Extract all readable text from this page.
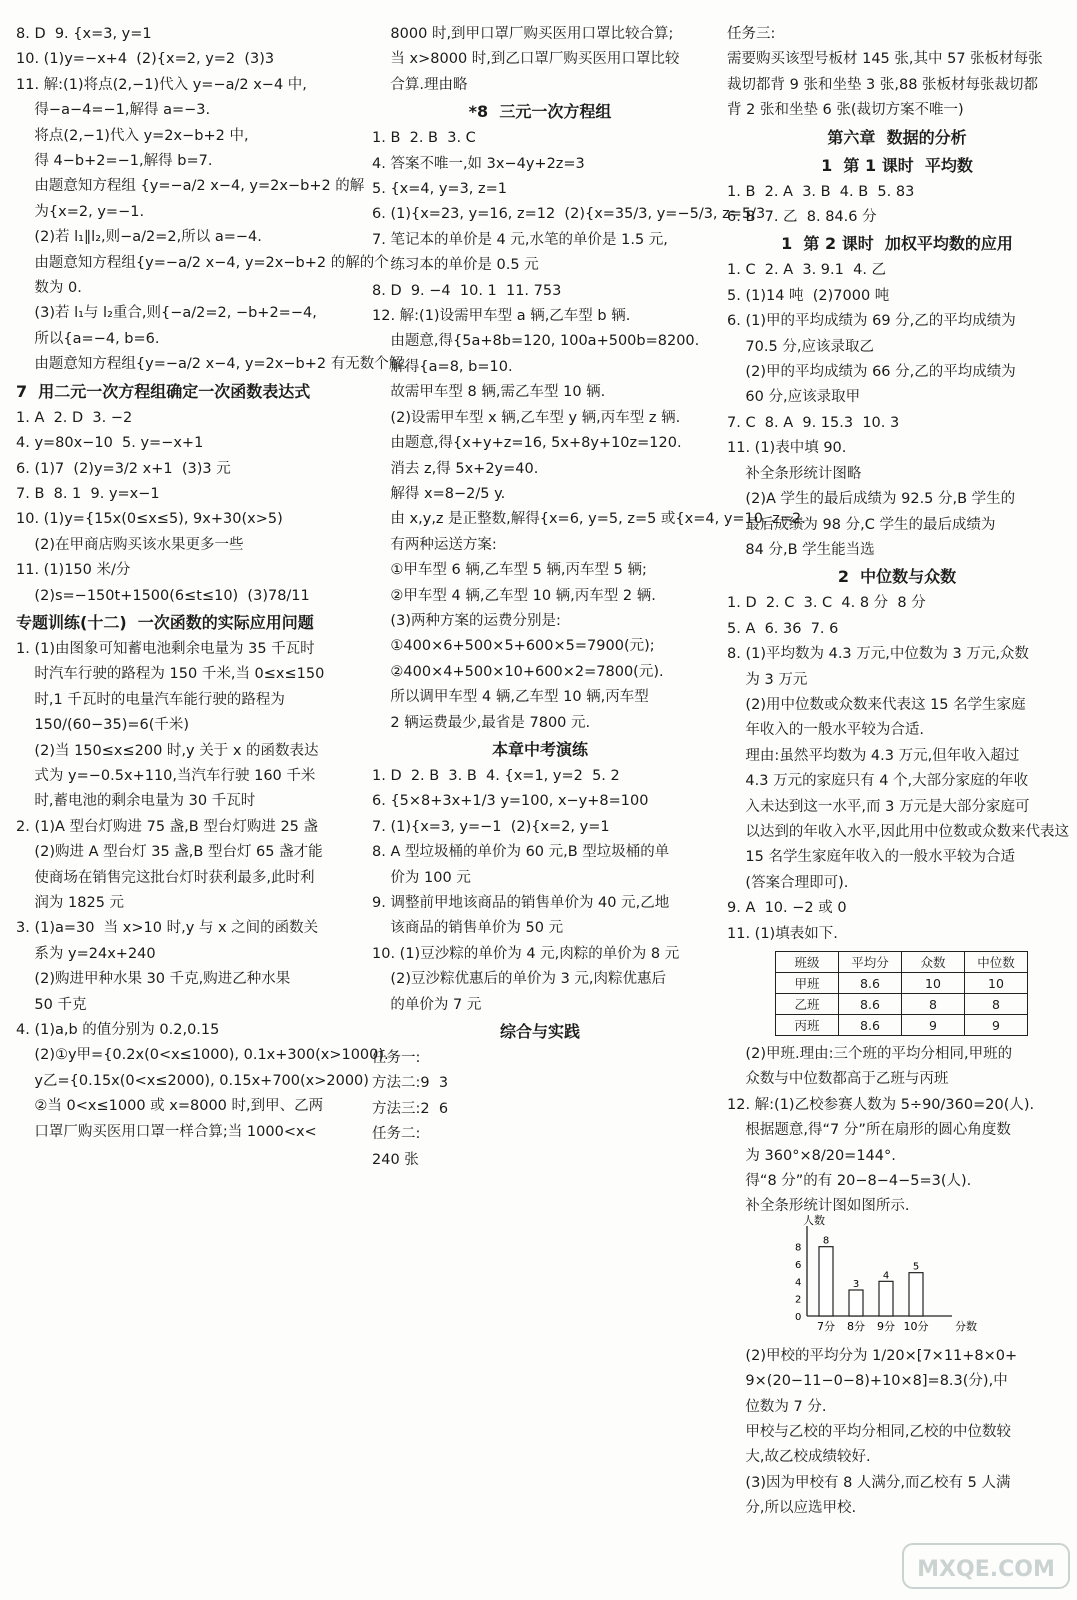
8. D  9. {x=3, y=1
10. (1)y=−x+4  (2){x=2, y=2  (3)3
11. 解:(1)将点(2,−1)代入 y=−a/2 x−4 中,
得−a−4=−1,解得 a=−3.
将点(2,−1)代入 y=2x−b+2 中,
得 4−b+2=−1,解得 b=7.
由题意知方程组 {y=−a/2 x−4, y=2x−b+2 的解
为{x=2, y=−1.
(2)若 l₁∥l₂,则−a/2=2,所以 a=−4.
由题意知方程组{y=−a/2 x−4, y=2x−b+2 的解的个
数为 0.
(3)若 l₁与 l₂重合,则{−a/2=2, −b+2=−4,
所以{a=−4, b=6.
由题意知方程组{y=−a/2 x−4, y=2x−b+2 有无数个解.
7  用二元一次方程组确定一次函数表达式
1. A  2. D  3. −2
4. y=80x−10  5. y=−x+1
6. (1)7  (2)y=3/2 x+1  (3)3 元
7. B  8. 1  9. y=x−1
10. (1)y={15x(0≤x≤5), 9x+30(x>5)
(2)在甲商店购买该水果更多一些
11. (1)150 米/分
(2)s=−150t+1500(6≤t≤10)  (3)78/11
专题训练(十二)  一次函数的实际应用问题
1. (1)由图象可知蓄电池剩余电量为 35 千瓦时
时汽车行驶的路程为 150 千米,当 0≤x≤150
时,1 千瓦时的电量汽车能行驶的路程为
150/(60−35)=6(千米)
(2)当 150≤x≤200 时,y 关于 x 的函数表达
式为 y=−0.5x+110,当汽车行驶 160 千米
时,蓄电池的剩余电量为 30 千瓦时
2. (1)A 型台灯购进 75 盏,B 型台灯购进 25 盏
(2)购进 A 型台灯 35 盏,B 型台灯 65 盏才能
使商场在销售完这批台灯时获利最多,此时利
润为 1825 元
3. (1)a=30  当 x>10 时,y 与 x 之间的函数关
系为 y=24x+240
(2)购进甲种水果 30 千克,购进乙种水果
50 千克
4. (1)a,b 的值分别为 0.2,0.15
(2)①y甲={0.2x(0<x≤1000), 0.1x+300(x>1000).
y乙={0.15x(0<x≤2000), 0.15x+700(x>2000)
②当 0<x≤1000 或 x=8000 时,到甲、乙两
口罩厂购买医用口罩一样合算;当 1000<x<
8000 时,到甲口罩厂购买医用口罩比较合算;
当 x>8000 时,到乙口罩厂购买医用口罩比较
合算.理由略
*8  三元一次方程组
1. B  2. B  3. C
4. 答案不唯一,如 3x−4y+2z=3
5. {x=4, y=3, z=1
6. (1){x=23, y=16, z=12  (2){x=35/3, y=−5/3, z=5/3
7. 笔记本的单价是 4 元,水笔的单价是 1.5 元,
练习本的单价是 0.5 元
8. D  9. −4  10. 1  11. 753
12. 解:(1)设需甲车型 a 辆,乙车型 b 辆.
由题意,得{5a+8b=120, 100a+500b=8200.
解得{a=8, b=10.
故需甲车型 8 辆,需乙车型 10 辆.
(2)设需甲车型 x 辆,乙车型 y 辆,丙车型 z 辆.
由题意,得{x+y+z=16, 5x+8y+10z=120.
消去 z,得 5x+2y=40.
解得 x=8−2/5 y.
由 x,y,z 是正整数,解得{x=6, y=5, z=5 或{x=4, y=10, z=2.
有两种运送方案:
①甲车型 6 辆,乙车型 5 辆,丙车型 5 辆;
②甲车型 4 辆,乙车型 10 辆,丙车型 2 辆.
(3)两种方案的运费分别是:
①400×6+500×5+600×5=7900(元);
②400×4+500×10+600×2=7800(元).
所以调甲车型 4 辆,乙车型 10 辆,丙车型
2 辆运费最少,最省是 7800 元.
本章中考演练
1. D  2. B  3. B  4. {x=1, y=2  5. 2
6. {5×8+3x+1/3 y=100, x−y+8=100
7. (1){x=3, y=−1  (2){x=2, y=1
8. A 型垃圾桶的单价为 60 元,B 型垃圾桶的单
价为 100 元
9. 调整前甲地该商品的销售单价为 40 元,乙地
该商品的销售单价为 50 元
10. (1)豆沙粽的单价为 4 元,肉粽的单价为 8 元
(2)豆沙粽优惠后的单价为 3 元,肉粽优惠后
的单价为 7 元
综合与实践
任务一:
方法二:9  3
方法三:2  6
任务二:
240 张
任务三:
需要购买该型号板材 145 张,其中 57 张板材每张
裁切都背 9 张和坐垫 3 张,88 张板材每张裁切都
背 2 张和坐垫 6 张(裁切方案不唯一)
第六章  数据的分析
1  第 1 课时  平均数
1. B  2. A  3. B  4. B  5. 83
6. B  7. 乙  8. 84.6 分
1  第 2 课时  加权平均数的应用
1. C  2. A  3. 9.1  4. 乙
5. (1)14 吨  (2)7000 吨
6. (1)甲的平均成绩为 69 分,乙的平均成绩为
70.5 分,应该录取乙
(2)甲的平均成绩为 66 分,乙的平均成绩为
60 分,应该录取甲
7. C  8. A  9. 15.3  10. 3
11. (1)表中填 90.
补全条形统计图略
(2)A 学生的最后成绩为 92.5 分,B 学生的
最后成绩为 98 分,C 学生的最后成绩为
84 分,B 学生能当选
2  中位数与众数
1. D  2. C  3. C  4. 8 分  8 分
5. A  6. 36  7. 6
8. (1)平均数为 4.3 万元,中位数为 3 万元,众数
为 3 万元
(2)用中位数或众数来代表这 15 名学生家庭
年收入的一般水平较为合适.
理由:虽然平均数为 4.3 万元,但年收入超过
4.3 万元的家庭只有 4 个,大部分家庭的年收
入未达到这一水平,而 3 万元是大部分家庭可
以达到的年收入水平,因此用中位数或众数来代表这
15 名学生家庭年收入的一般水平较为合适
(答案合理即可).
9. A  10. −2 或 0
11. (1)填表如下.
班级	平均分	众数	中位数
甲班	8.6	10	10
乙班	8.6	8	8
丙班	8.6	9	9
(2)甲班.理由:三个班的平均分相同,甲班的
众数与中位数都高于乙班与丙班
12. 解:(1)乙校参赛人数为 5÷90/360=20(人).
根据题意,得“7 分”所在扇形的圆心角度数
为 360°×8/20=144°.
得“8 分”的有 20−8−4−5=3(人).
补全条形统计图如图所示.
人数
分数
0
2
4
6
8
8
7分
3
8分
4
9分
5
10分
(2)甲校的平均分为 1/20×[7×11+8×0+
9×(20−11−0−8)+10×8]=8.3(分),中
位数为 7 分.
甲校与乙校的平均分相同,乙校的中位数较
大,故乙校成绩较好.
(3)因为甲校有 8 人满分,而乙校有 5 人满
分,所以应选甲校.
MXQE.COM
